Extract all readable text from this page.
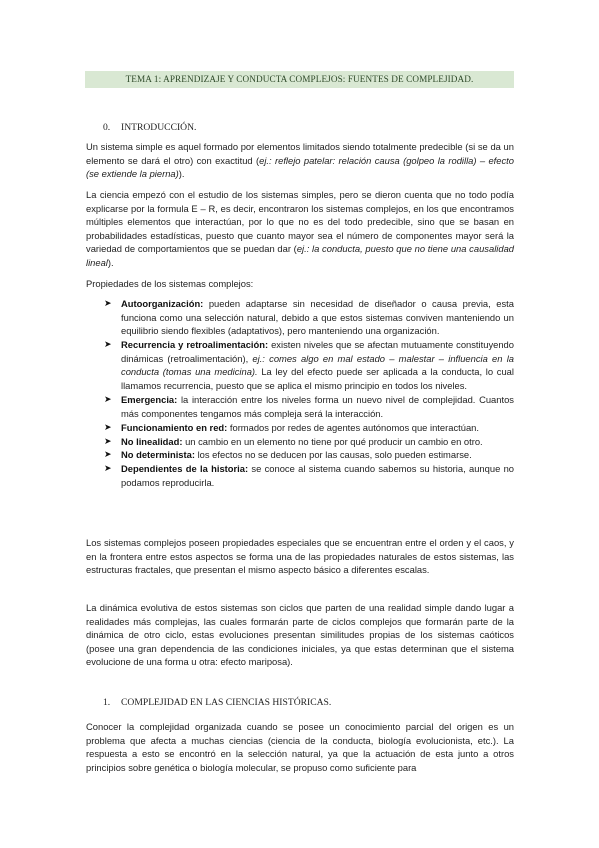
TEMA 1: APRENDIZAJE Y CONDUCTA COMPLEJOS: FUENTES DE COMPLEJIDAD.
0. INTRODUCCIÓN.

Un sistema simple es aquel formado por elementos limitados siendo totalmente predecible (si se da un elemento se dará el otro) con exactitud (ej.: reflejo patelar: relación causa (golpeo la rodilla) – efecto (se extiende la pierna)).

La ciencia empezó con el estudio de los sistemas simples, pero se dieron cuenta que no todo podía explicarse por la formula E – R, es decir, encontraron los sistemas complejos, en los que encontramos múltiples elementos que interactúan, por lo que no es del todo predecible, sino que se basan en probabilidades estadísticas, puesto que cuanto mayor sea el número de componentes mayor será la variedad de comportamientos que se puedan dar (ej.: la conducta, puesto que no tiene una causalidad lineal).

Propiedades de los sistemas complejos:

➤	Autoorganización: pueden adaptarse sin necesidad de diseñador o causa previa, esta funciona como una selección natural, debido a que estos sistemas conviven manteniendo un equilibrio siendo flexibles (adaptativos), pero manteniendo una organización.
➤	Recurrencia y retroalimentación: existen niveles que se afectan mutuamente constituyendo dinámicas (retroalimentación), ej.: comes algo en mal estado – malestar – influencia en la conducta (tomas una medicina). La ley del efecto puede ser aplicada a la conducta, lo cual llamamos recurrencia, puesto que se aplica el mismo principio en todos los niveles.
➤	Emergencia: la interacción entre los niveles forma un nuevo nivel de complejidad. Cuantos más componentes tengamos más compleja será la interacción.
➤	Funcionamiento en red: formados por redes de agentes autónomos que interactúan.
➤	No linealidad: un cambio en un elemento no tiene por qué producir un cambio en otro.
➤	No determinista: los efectos no se deducen por las causas, solo pueden estimarse.
➤	Dependientes de la historia: se conoce al sistema cuando sabemos su historia, aunque no podamos reproducirla.

Los sistemas complejos poseen propiedades especiales que se encuentran entre el orden y el caos, y en la frontera entre estos aspectos se forma una de las propiedades naturales de estos sistemas, las estructuras fractales, que presentan el mismo aspecto básico a diferentes escalas.

La dinámica evolutiva de estos sistemas son ciclos que parten de una realidad simple dando lugar a realidades más complejas, las cuales formarán parte de ciclos complejos que formarán parte de la dinámica de otro ciclo, estas evoluciones presentan similitudes propias de los sistemas caóticos (posee una gran dependencia de las condiciones iniciales, ya que estas determinan que el sistema evolucione de una forma u otra: efecto mariposa).

1. COMPLEJIDAD EN LAS CIENCIAS HISTÓRICAS.

Conocer la complejidad organizada cuando se posee un conocimiento parcial del origen es un problema que afecta a muchas ciencias (ciencia de la conducta, biología evolucionista, etc.). La respuesta a esto se encontró en la selección natural, ya que la actuación de esta junto a otros principios sobre genética o biología molecular, se propuso como suficiente para
